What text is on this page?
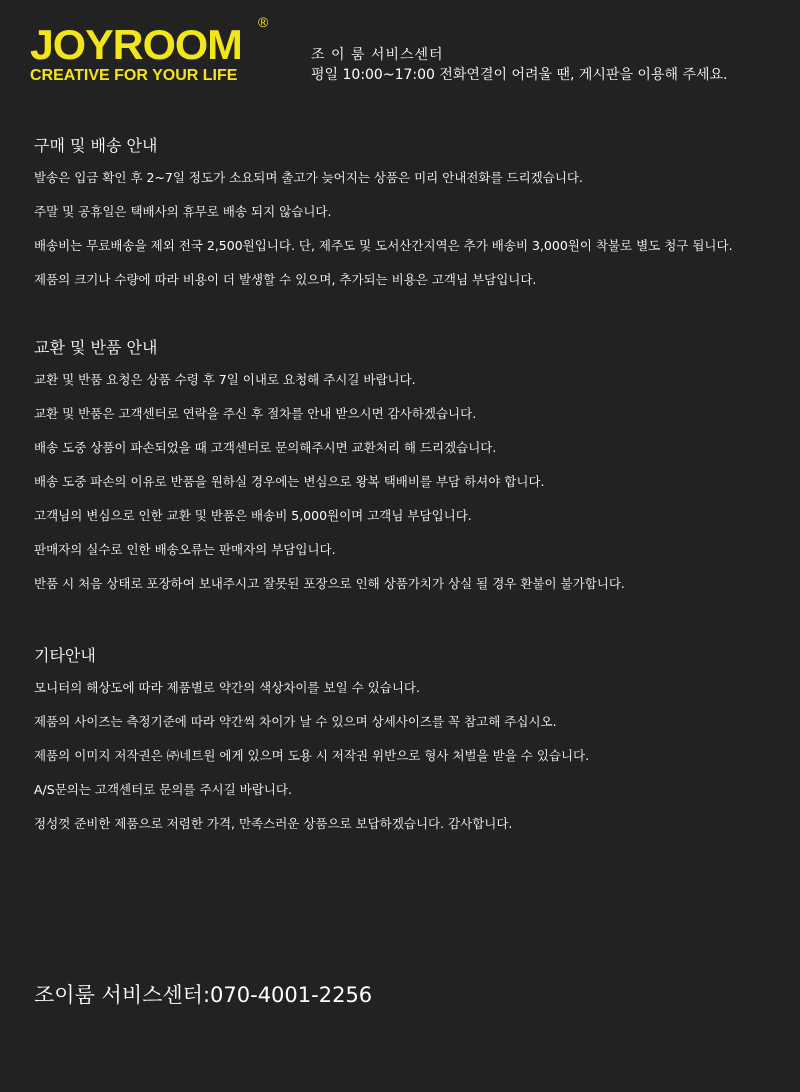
JOYROOM ®
CREATIVE FOR YOUR LIFE
조 이 룸 서비스센터
평일 10:00~17:00 전화연결이 어려울 땐, 게시판을 이용해 주세요.
구매 및 배송 안내
발송은 입금 확인 후 2~7일 정도가 소요되며 출고가 늦어지는 상품은 미리 안내전화를 드리겠습니다.
주말 및 공휴일은 택배사의 휴무로 배송 되지 않습니다.
배송비는 무료배송을 제외 전국 2,500원입니다. 단, 제주도 및 도서산간지역은 추가 배송비 3,000원이 착불로 별도 청구 됩니다.
제품의 크기나 수량에 따라 비용이 더 발생할 수 있으며, 추가되는 비용은 고객님 부담입니다.
교환 및 반품 안내
교환 및 반품 요청은 상품 수령 후 7일 이내로 요청해 주시길 바랍니다.
교환 및 반품은 고객센터로 연락을 주신 후 절차를 안내 받으시면 감사하겠습니다.
배송 도중 상품이 파손되었을 때 고객센터로 문의해주시면 교환처리 해 드리겠습니다.
배송 도중 파손의 이유로 반품을 원하실 경우에는 변심으로 왕복 택배비를 부담 하셔야 합니다.
고객님의 변심으로 인한 교환 및 반품은 배송비 5,000원이며 고객님 부담입니다.
판매자의 실수로 인한 배송오류는 판매자의 부담입니다.
반품 시 처음 상태로 포장하여 보내주시고 잘못된 포장으로 인해 상품가치가 상실 될 경우 환불이 불가합니다.
기타안내
모니터의 해상도에 따라 제품별로 약간의 색상차이를 보일 수 있습니다.
제품의 사이즈는 측정기준에 따라 약간씩 차이가 날 수 있으며 상세사이즈를 꼭 참고해 주십시오.
제품의 이미지 저작권은 ㈜네트원 에게 있으며 도용 시 저작권 위반으로 형사 처벌을 받을 수 있습니다.
A/S문의는 고객센터로 문의를 주시길 바랍니다.
정성껏 준비한 제품으로 저렴한 가격, 만족스러운 상품으로 보답하겠습니다. 감사합니다.
조이룸 서비스센터:070-4001-2256
